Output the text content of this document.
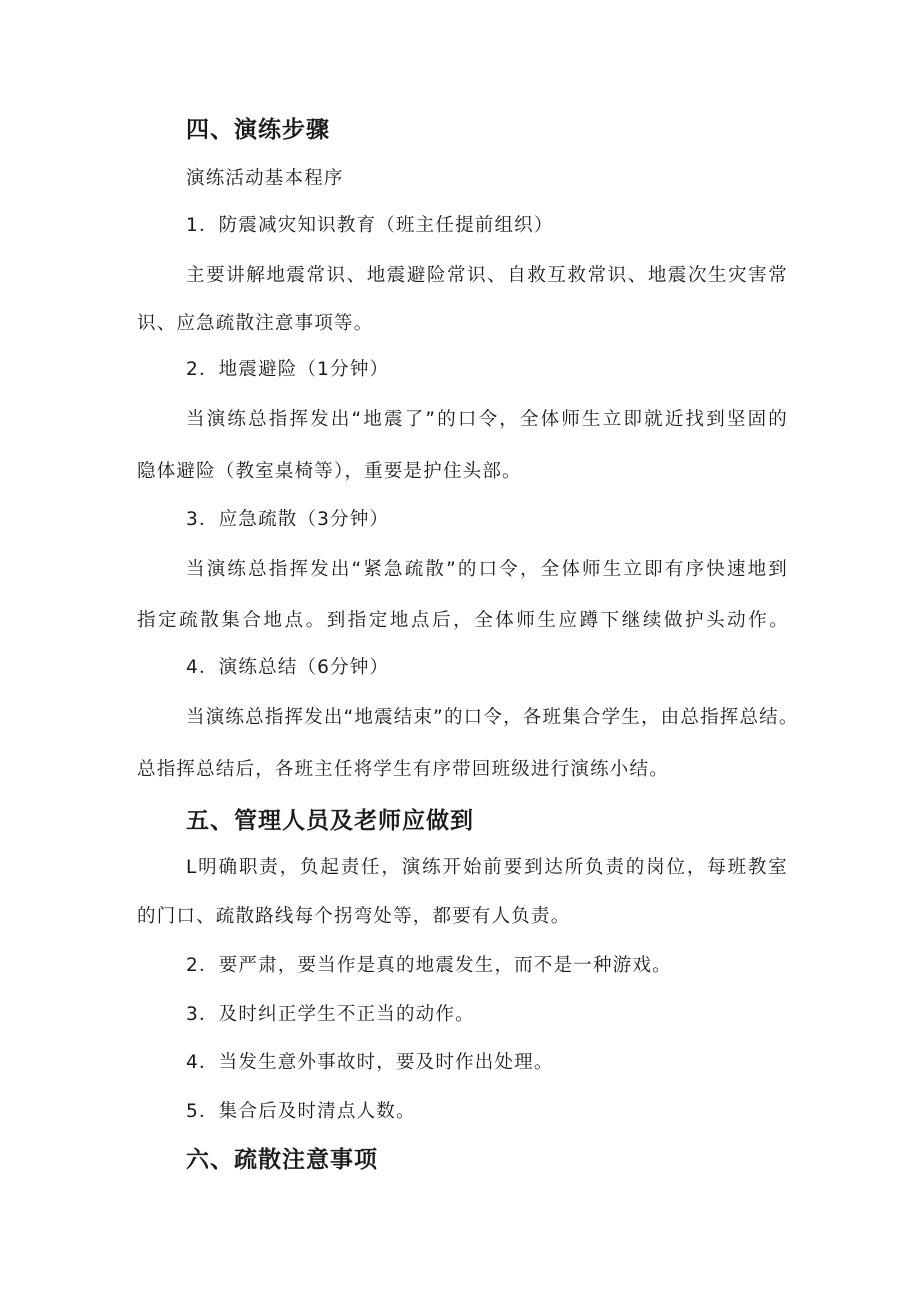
四、演练步骤
演练活动基本程序
1．防震减灾知识教育（班主任提前组织）
主要讲解地震常识、地震避险常识、自救互救常识、地震次生灾害常
识、应急疏散注意事项等。
2．地震避险（1分钟）
当演练总指挥发出“地震了”的口令，全体师生立即就近找到坚固的
隐体避险（教室桌椅等），重要是护住头部。
3．应急疏散（3分钟）
当演练总指挥发出“紧急疏散”的口令，全体师生立即有序快速地到
指定疏散集合地点。到指定地点后，全体师生应蹲下继续做护头动作。
4．演练总结（6分钟）
当演练总指挥发出“地震结束”的口令，各班集合学生，由总指挥总结。
总指挥总结后，各班主任将学生有序带回班级进行演练小结。
五、管理人员及老师应做到
L明确职责，负起责任，演练开始前要到达所负责的岗位，每班教室
的门口、疏散路线每个拐弯处等，都要有人负责。
2．要严肃，要当作是真的地震发生，而不是一种游戏。
3．及时纠正学生不正当的动作。
4．当发生意外事故时，要及时作出处理。
5．集合后及时清点人数。
六、疏散注意事项
